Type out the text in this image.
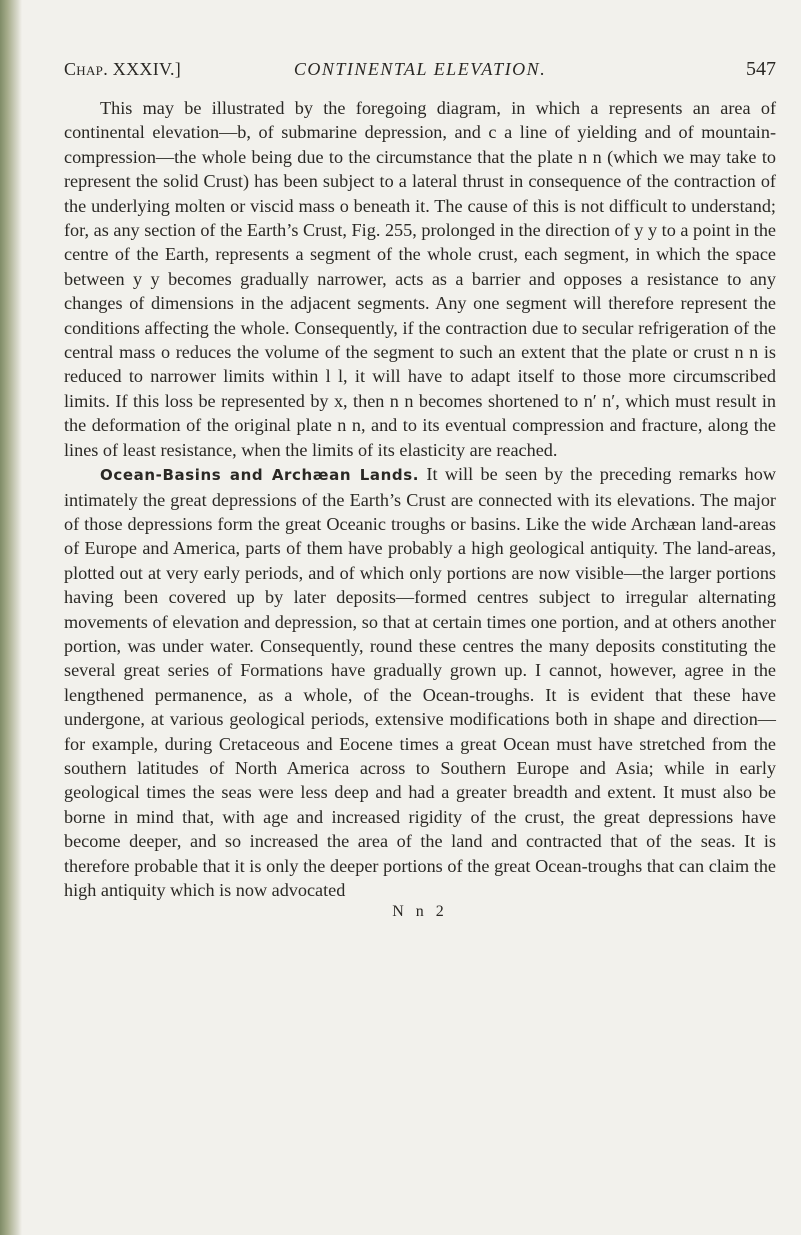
Chap. XXXIV.]	CONTINENTAL ELEVATION.	547

This may be illustrated by the foregoing diagram, in which a represents an area of continental elevation—b, of submarine depression, and c a line of yielding and of mountain-compression—the whole being due to the circumstance that the plate n n (which we may take to represent the solid Crust) has been subject to a lateral thrust in consequence of the contraction of the underlying molten or viscid mass o beneath it. The cause of this is not difficult to understand; for, as any section of the Earth’s Crust, Fig. 255, prolonged in the direction of y y to a point in the centre of the Earth, represents a segment of the whole crust, each segment, in which the space between y y becomes gradually narrower, acts as a barrier and opposes a resistance to any changes of dimensions in the adjacent segments. Any one segment will therefore represent the conditions affecting the whole. Consequently, if the contraction due to secular refrigeration of the central mass o reduces the volume of the segment to such an extent that the plate or crust n n is reduced to narrower limits within l l, it will have to adapt itself to those more circumscribed limits. If this loss be represented by x, then n n becomes shortened to n′ n′, which must result in the deformation of the original plate n n, and to its eventual compression and fracture, along the lines of least resistance, when the limits of its elasticity are reached.

Ocean-Basins and Archæan Lands. It will be seen by the preceding remarks how intimately the great depressions of the Earth’s Crust are connected with its elevations. The major of those depressions form the great Oceanic troughs or basins. Like the wide Archæan land-areas of Europe and America, parts of them have probably a high geological antiquity. The land-areas, plotted out at very early periods, and of which only portions are now visible—the larger portions having been covered up by later deposits—formed centres subject to irregular alternating movements of elevation and depression, so that at certain times one portion, and at others another portion, was under water. Consequently, round these centres the many deposits constituting the several great series of Formations have gradually grown up. I cannot, however, agree in the lengthened permanence, as a whole, of the Ocean-troughs. It is evident that these have undergone, at various geological periods, extensive modifications both in shape and direction—for example, during Cretaceous and Eocene times a great Ocean must have stretched from the southern latitudes of North America across to Southern Europe and Asia; while in early geological times the seas were less deep and had a greater breadth and extent. It must also be borne in mind that, with age and increased rigidity of the crust, the great depressions have become deeper, and so increased the area of the land and contracted that of the seas. It is therefore probable that it is only the deeper portions of the great Ocean-troughs that can claim the high antiquity which is now advocated

N n 2
